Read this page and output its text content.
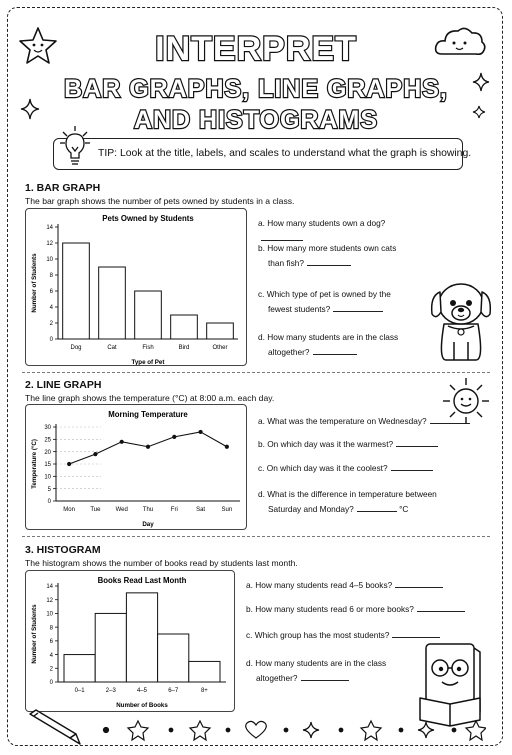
INTERPRET
BAR GRAPHS, LINE GRAPHS,
AND HISTOGRAMS
TIP: Look at the title, labels, and scales to understand what the graph is showing.
1. BAR GRAPH
The bar graph shows the number of pets owned by students in a class.
Pets Owned by Students
Type of Pet
Number of Students
0
2
4
6
8
10
12
14
Dog	Cat	Fish	Bird	Other
a. How many students own a dog?
b. How many more students own cats
than fish?
c. Which type of pet is owned by the
fewest students?
d. How many students are in the class
altogether?
2. LINE GRAPH
The line graph shows the temperature (°C) at 8:00 a.m. each day.
Morning Temperature
Day
Temperature (°C)
0
5
10
15
20
25
30
Mon	Tue	Wed Thu	Fri	Sat	Sun
a. What was the temperature on Wednesday?
b. On which day was it the warmest?
c. On which day was it the coolest?
d. What is the difference in temperature between
Saturday and Monday?	°C
3. HISTOGRAM
The histogram shows the number of books read by students last month.
Books Read Last Month
Number of Books
Number of Students
0
2
4
6
8
10
12
14
0–1	2–3	4–5	6–7	8+
a. How many students read 4–5 books?
b. How many students read 6 or more books?
c. Which group has the most students?
d. How many students are in the class
altogether?
